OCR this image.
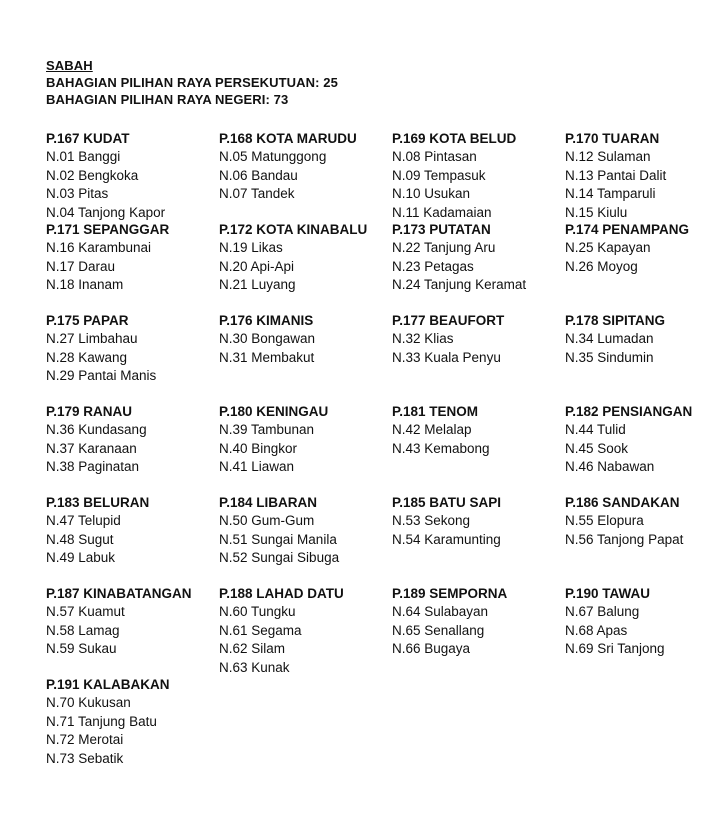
SABAH
BAHAGIAN PILIHAN RAYA PERSEKUTUAN: 25
BAHAGIAN PILIHAN RAYA NEGERI: 73
P.167 KUDAT
N.01 Banggi
N.02 Bengkoka
N.03 Pitas
N.04 Tanjong Kapor
P.168 KOTA MARUDU
N.05 Matunggong
N.06 Bandau
N.07 Tandek
P.169 KOTA BELUD
N.08 Pintasan
N.09 Tempasuk
N.10 Usukan
N.11 Kadamaian
P.170 TUARAN
N.12 Sulaman
N.13 Pantai Dalit
N.14 Tamparuli
N.15 Kiulu
P.171 SEPANGGAR
N.16 Karambunai
N.17 Darau
N.18 Inanam
P.172 KOTA KINABALU
N.19 Likas
N.20 Api-Api
N.21 Luyang
P.173 PUTATAN
N.22 Tanjung Aru
N.23 Petagas
N.24 Tanjung Keramat
P.174 PENAMPANG
N.25 Kapayan
N.26 Moyog
P.175 PAPAR
N.27 Limbahau
N.28 Kawang
N.29 Pantai Manis
P.176 KIMANIS
N.30 Bongawan
N.31 Membakut
P.177 BEAUFORT
N.32 Klias
N.33 Kuala Penyu
P.178 SIPITANG
N.34 Lumadan
N.35 Sindumin
P.179 RANAU
N.36 Kundasang
N.37 Karanaan
N.38 Paginatan
P.180 KENINGAU
N.39 Tambunan
N.40 Bingkor
N.41 Liawan
P.181 TENOM
N.42 Melalap
N.43 Kemabong
P.182 PENSIANGAN
N.44 Tulid
N.45 Sook
N.46 Nabawan
P.183 BELURAN
N.47 Telupid
N.48 Sugut
N.49 Labuk
P.184 LIBARAN
N.50 Gum-Gum
N.51 Sungai Manila
N.52 Sungai Sibuga
P.185 BATU SAPI
N.53 Sekong
N.54 Karamunting
P.186 SANDAKAN
N.55 Elopura
N.56 Tanjong Papat
P.187 KINABATANGAN
N.57 Kuamut
N.58 Lamag
N.59 Sukau
P.188 LAHAD DATU
N.60 Tungku
N.61 Segama
N.62 Silam
N.63 Kunak
P.189 SEMPORNA
N.64 Sulabayan
N.65 Senallang
N.66 Bugaya
P.190 TAWAU
N.67 Balung
N.68 Apas
N.69 Sri Tanjong
P.191 KALABAKAN
N.70 Kukusan
N.71 Tanjung Batu
N.72 Merotai
N.73 Sebatik
